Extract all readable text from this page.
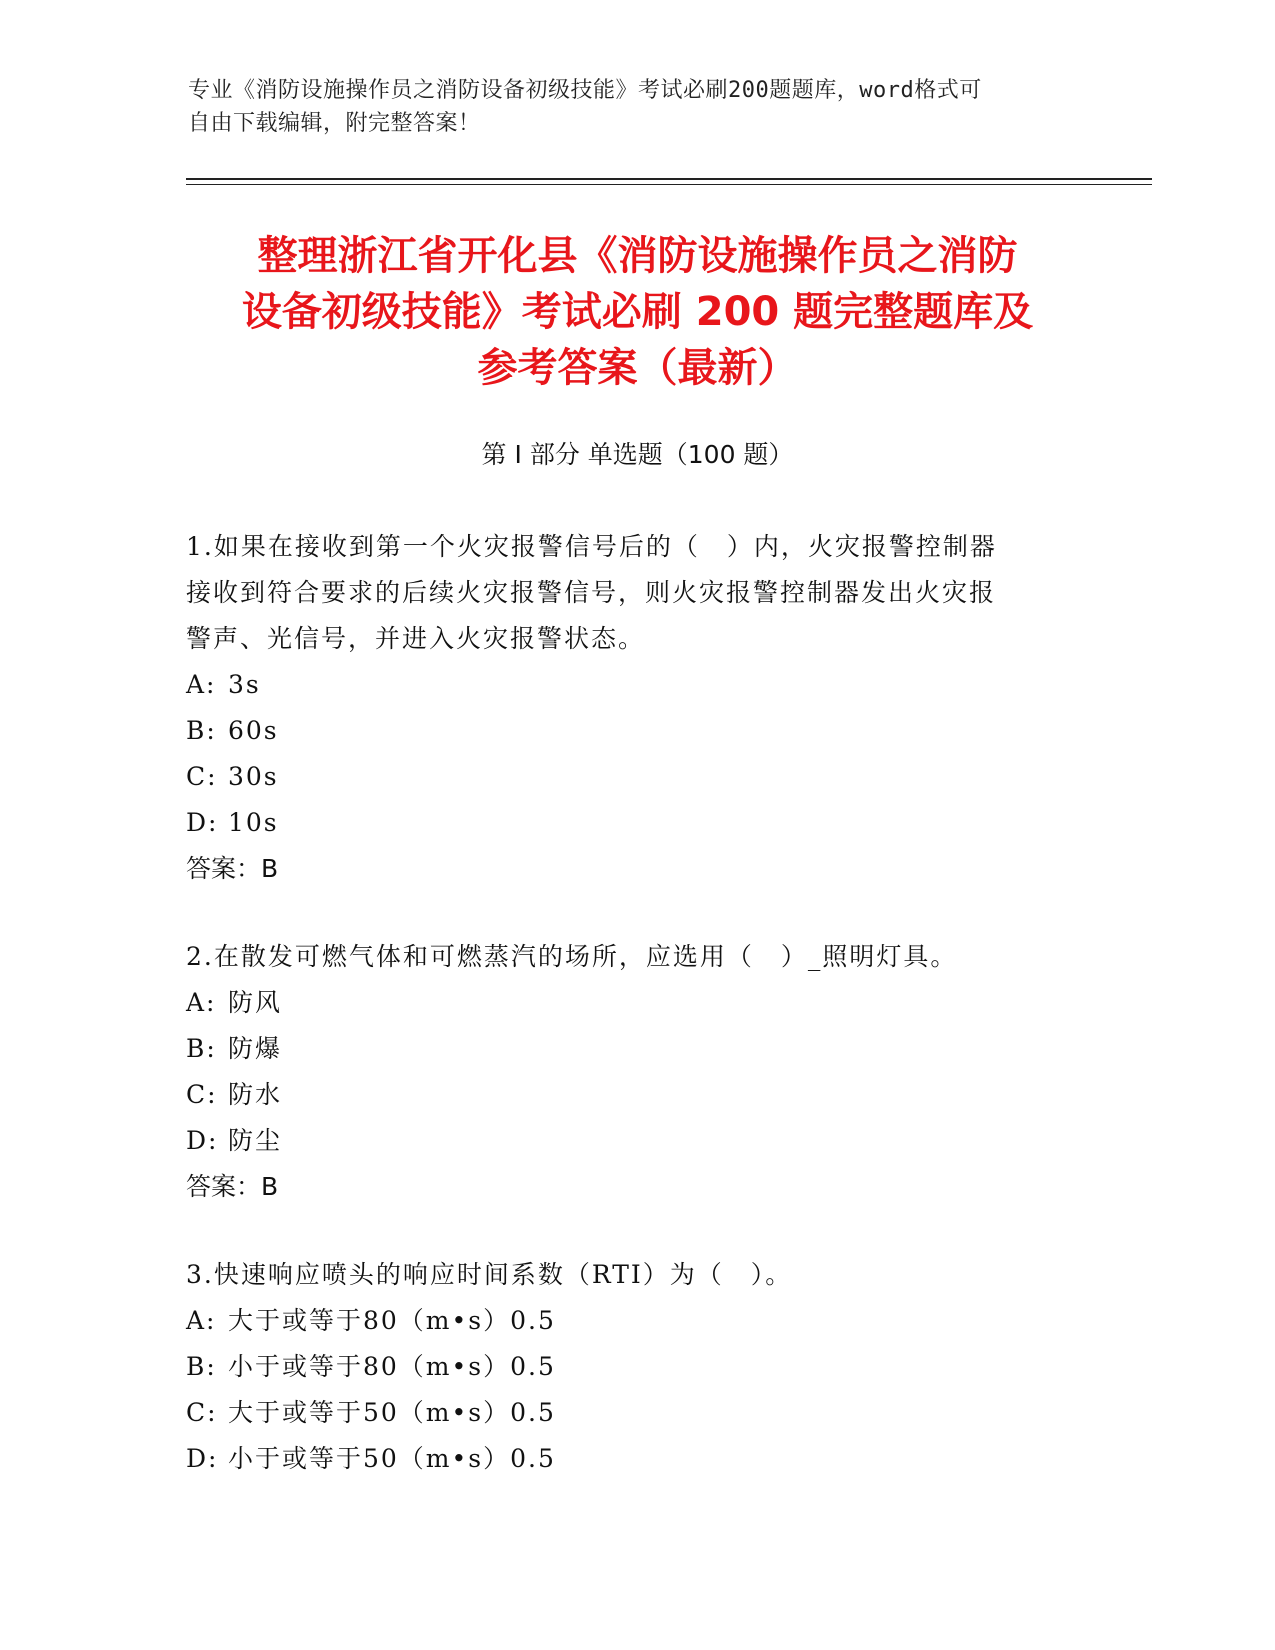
专业《消防设施操作员之消防设备初级技能》考试必刷200题题库，word格式可
自由下载编辑，附完整答案！
整理浙江省开化县《消防设施操作员之消防
设备初级技能》考试必刷 200 题完整题库及
参考答案（最新）
第 I 部分 单选题（100 题）

1.如果在接收到第一个火灾报警信号后的（　）内，火灾报警控制器

接收到符合要求的后续火灾报警信号，则火灾报警控制器发出火灾报

警声、光信号，并进入火灾报警状态。

A: 3s
B: 60s
C: 30s
D: 10s

答案：B

2.在散发可燃气体和可燃蒸汽的场所，应选用（　）_照明灯具。

A: 防风
B: 防爆
C: 防水
D: 防尘

答案：B

3.快速响应喷头的响应时间系数（RTI）为（　）。

A: 大于或等于80（m•s）0.5
B: 小于或等于80（m•s）0.5
C: 大于或等于50（m•s）0.5
D: 小于或等于50（m•s）0.5
